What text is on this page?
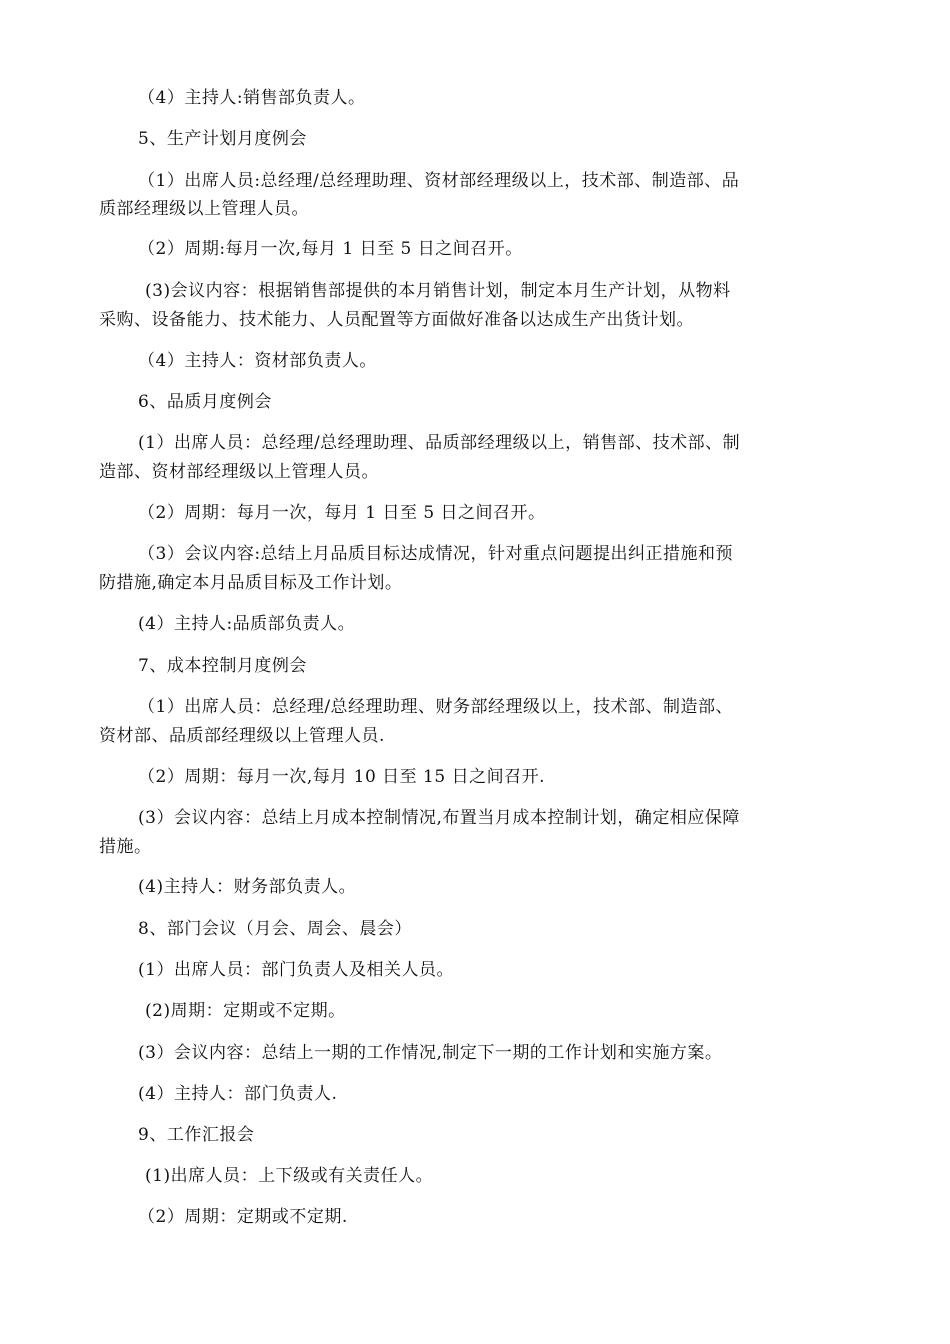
（4）主持人:销售部负责人。
5、生产计划月度例会
（1）出席人员:总经理/总经理助理、资材部经理级以上，技术部、制造部、品
质部经理级以上管理人员。
（2）周期:每月一次,每月 1 日至 5 日之间召开。
(3)会议内容：根据销售部提供的本月销售计划，制定本月生产计划，从物料
采购、设备能力、技术能力、人员配置等方面做好准备以达成生产出货计划。
（4）主持人：资材部负责人。
6、品质月度例会
(1）出席人员：总经理/总经理助理、品质部经理级以上，销售部、技术部、制
造部、资材部经理级以上管理人员。
（2）周期：每月一次，每月 1 日至 5 日之间召开。
（3）会议内容:总结上月品质目标达成情况，针对重点问题提出纠正措施和预
防措施,确定本月品质目标及工作计划。
(4）主持人:品质部负责人。
7、成本控制月度例会
（1）出席人员：总经理/总经理助理、财务部经理级以上，技术部、制造部、
资材部、品质部经理级以上管理人员.
（2）周期：每月一次,每月 10 日至 15 日之间召开.
(3）会议内容：总结上月成本控制情况,布置当月成本控制计划，确定相应保障
措施。
(4)主持人：财务部负责人。
8、部门会议（月会、周会、晨会）
(1）出席人员：部门负责人及相关人员。
(2)周期：定期或不定期。
(3）会议内容：总结上一期的工作情况,制定下一期的工作计划和实施方案。
(4）主持人：部门负责人.
9、工作汇报会
(1)出席人员：上下级或有关责任人。
（2）周期：定期或不定期.
